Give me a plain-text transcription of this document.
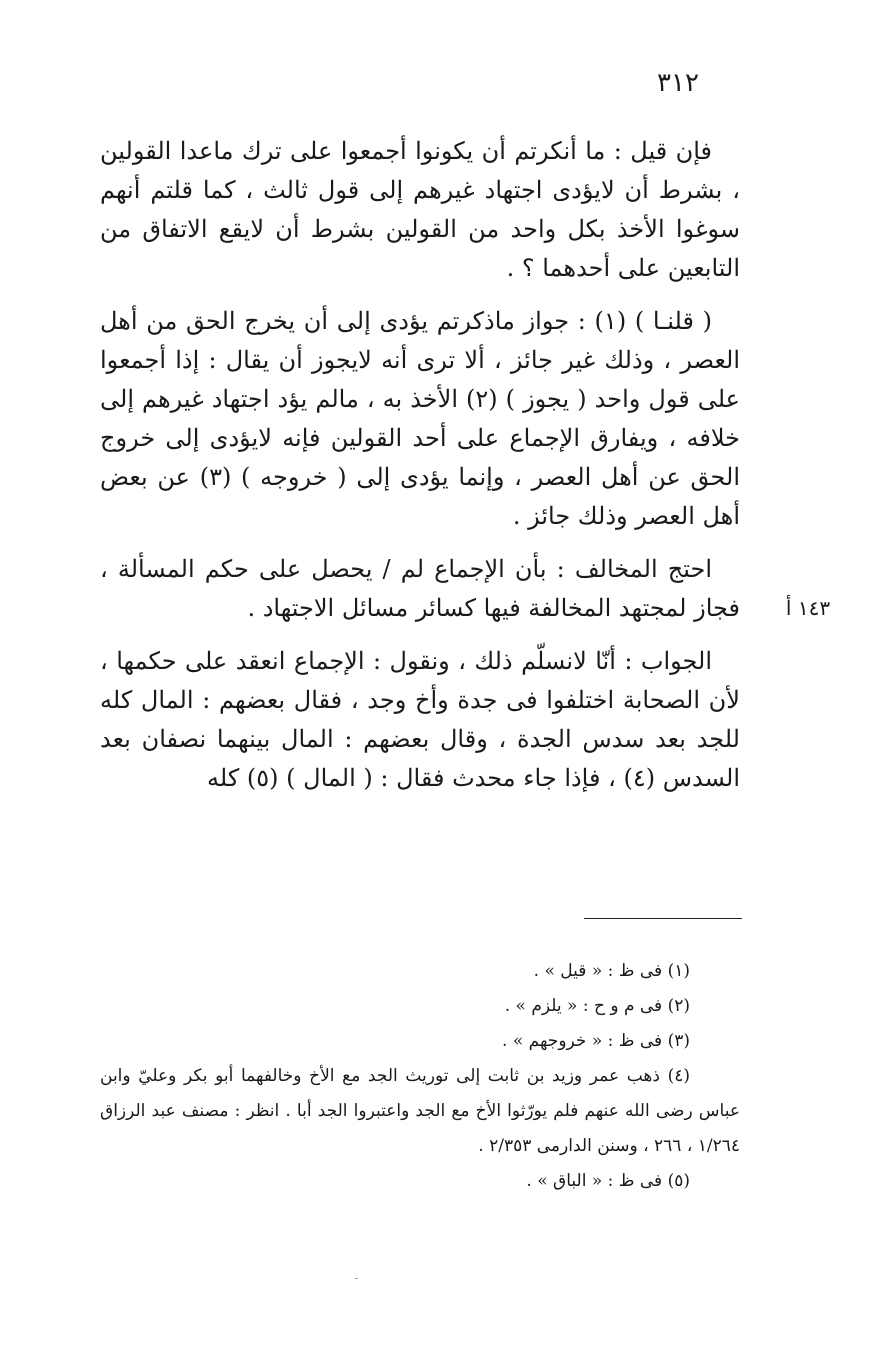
٣١٢
١٤٣ أ

فإن قيل : ما أنكرتم أن يكونوا أجمعوا على ترك ماعدا القولين ، بشرط أن لايؤدى اجتهاد غيرهم إلى قول ثالث ، كما قلتم أنهم سوغوا الأخذ بكل واحد من القولين بشرط أن لايقع الاتفاق من التابعين على أحدهما ؟ .

( قلنـا ) (١) : جواز ماذكرتم يؤدى إلى أن يخرج الحق من أهل العصر ، وذلك غير جائز ، ألا ترى أنه لايجوز أن يقال : إذا أجمعوا على قول واحد ( يجوز ) (٢) الأخذ به ، مالم يؤد اجتهاد غيرهم إلى خلافه ، ويفارق الإجماع على أحد القولين فإنه لايؤدى إلى خروج الحق عن أهل العصر ، وإنما يؤدى إلى ( خروجه ) (٣) عن بعض أهل العصر وذلك جائز .

احتج المخالف : بأن الإجماع لم / يحصل على حكم المسألة ، فجاز لمجتهد المخالفة فيها كسائر مسائل الاجتهاد .

الجواب : أنّا لانسلّم ذلك ، ونقول : الإجماع انعقد على حكمها ، لأن الصحابة اختلفوا فى جدة وأخ وجد ، فقال بعضهم : المال كله للجد بعد سدس الجدة ، وقال بعضهم : المال بينهما نصفان بعد السدس (٤) ، فإذا جاء محدث فقال : ( المال ) (٥) كله

(١) فى ظ : « قيل » .

(٢) فى م و ح : « يلزم » .

(٣) فى ظ : « خروجهم » .

(٤) ذهب عمر وزيد بن ثابت إلى توريث الجد مع الأخ وخالفهما أبو بكر وعليّ وابن عباس رضى الله عنهم فلم يورّثوا الأخ مع الجد واعتبروا الجد أبا . انظر : مصنف عبد الرزاق ١/٢٦٤ ، ٢٦٦ ، وسنن الدارمى ٢/٣٥٣ .

(٥) فى ظ : « الباق » .
